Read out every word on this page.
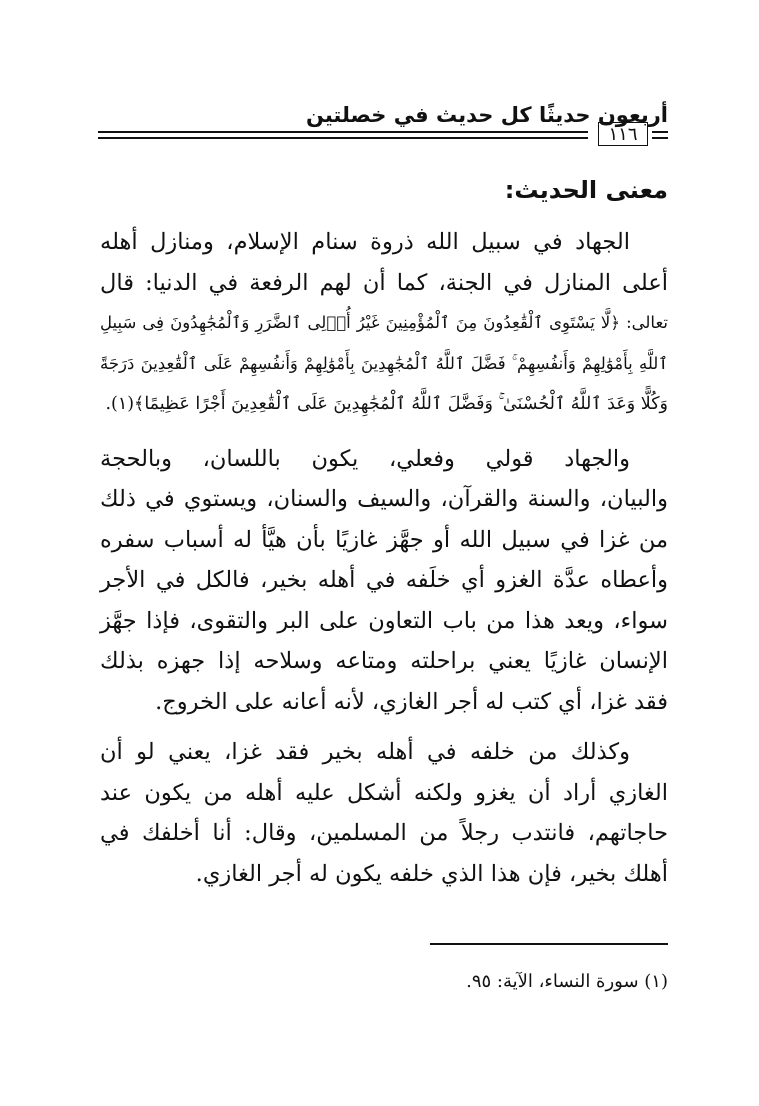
أربعون حديثًا كل حديث في خصلتين
١١٦
معنى الحديث:

الجهاد في سبيل الله ذروة سنام الإسلام، ومنازل أهله
أعلى المنازل في الجنة، كما أن لهم الرفعة في الدنيا: قال
تعالى: ﴿لَّا يَسْتَوِى ٱلْقَٰعِدُونَ مِنَ ٱلْمُؤْمِنِينَ غَيْرُ أُو۟لِى ٱلضَّرَرِ وَٱلْمُجَٰهِدُونَ فِى سَبِيلِ
ٱللَّهِ بِأَمْوَٰلِهِمْ وَأَنفُسِهِمْ ۚ فَضَّلَ ٱللَّهُ ٱلْمُجَٰهِدِينَ بِأَمْوَٰلِهِمْ وَأَنفُسِهِمْ عَلَى ٱلْقَٰعِدِينَ دَرَجَةً
وَكُلًّا وَعَدَ ٱللَّهُ ٱلْحُسْنَىٰ ۚ وَفَضَّلَ ٱللَّهُ ٱلْمُجَٰهِدِينَ عَلَى ٱلْقَٰعِدِينَ أَجْرًا عَظِيمًا﴾(١).

والجهاد قولي وفعلي، يكون باللسان، وبالحجة
والبيان، والسنة والقرآن، والسيف والسنان، ويستوي في ذلك
من غزا في سبيل الله أو جهَّز غازيًا بأن هيَّأ له أسباب سفره
وأعطاه عدَّة الغزو أي خلَفه في أهله بخير، فالكل في الأجر
سواء، ويعد هذا من باب التعاون على البر والتقوى، فإذا جهَّز
الإنسان غازيًا يعني براحلته ومتاعه وسلاحه إذا جهزه بذلك
فقد غزا، أي كتب له أجر الغازي، لأنه أعانه على الخروج.

وكذلك من خلفه في أهله بخير فقد غزا، يعني لو أن
الغازي أراد أن يغزو ولكنه أشكل عليه أهله من يكون عند
حاجاتهم، فانتدب رجلاً من المسلمين، وقال: أنا أخلفك في
أهلك بخير، فإن هذا الذي خلفه يكون له أجر الغازي.

(١) سورة النساء، الآية: ٩٥.
